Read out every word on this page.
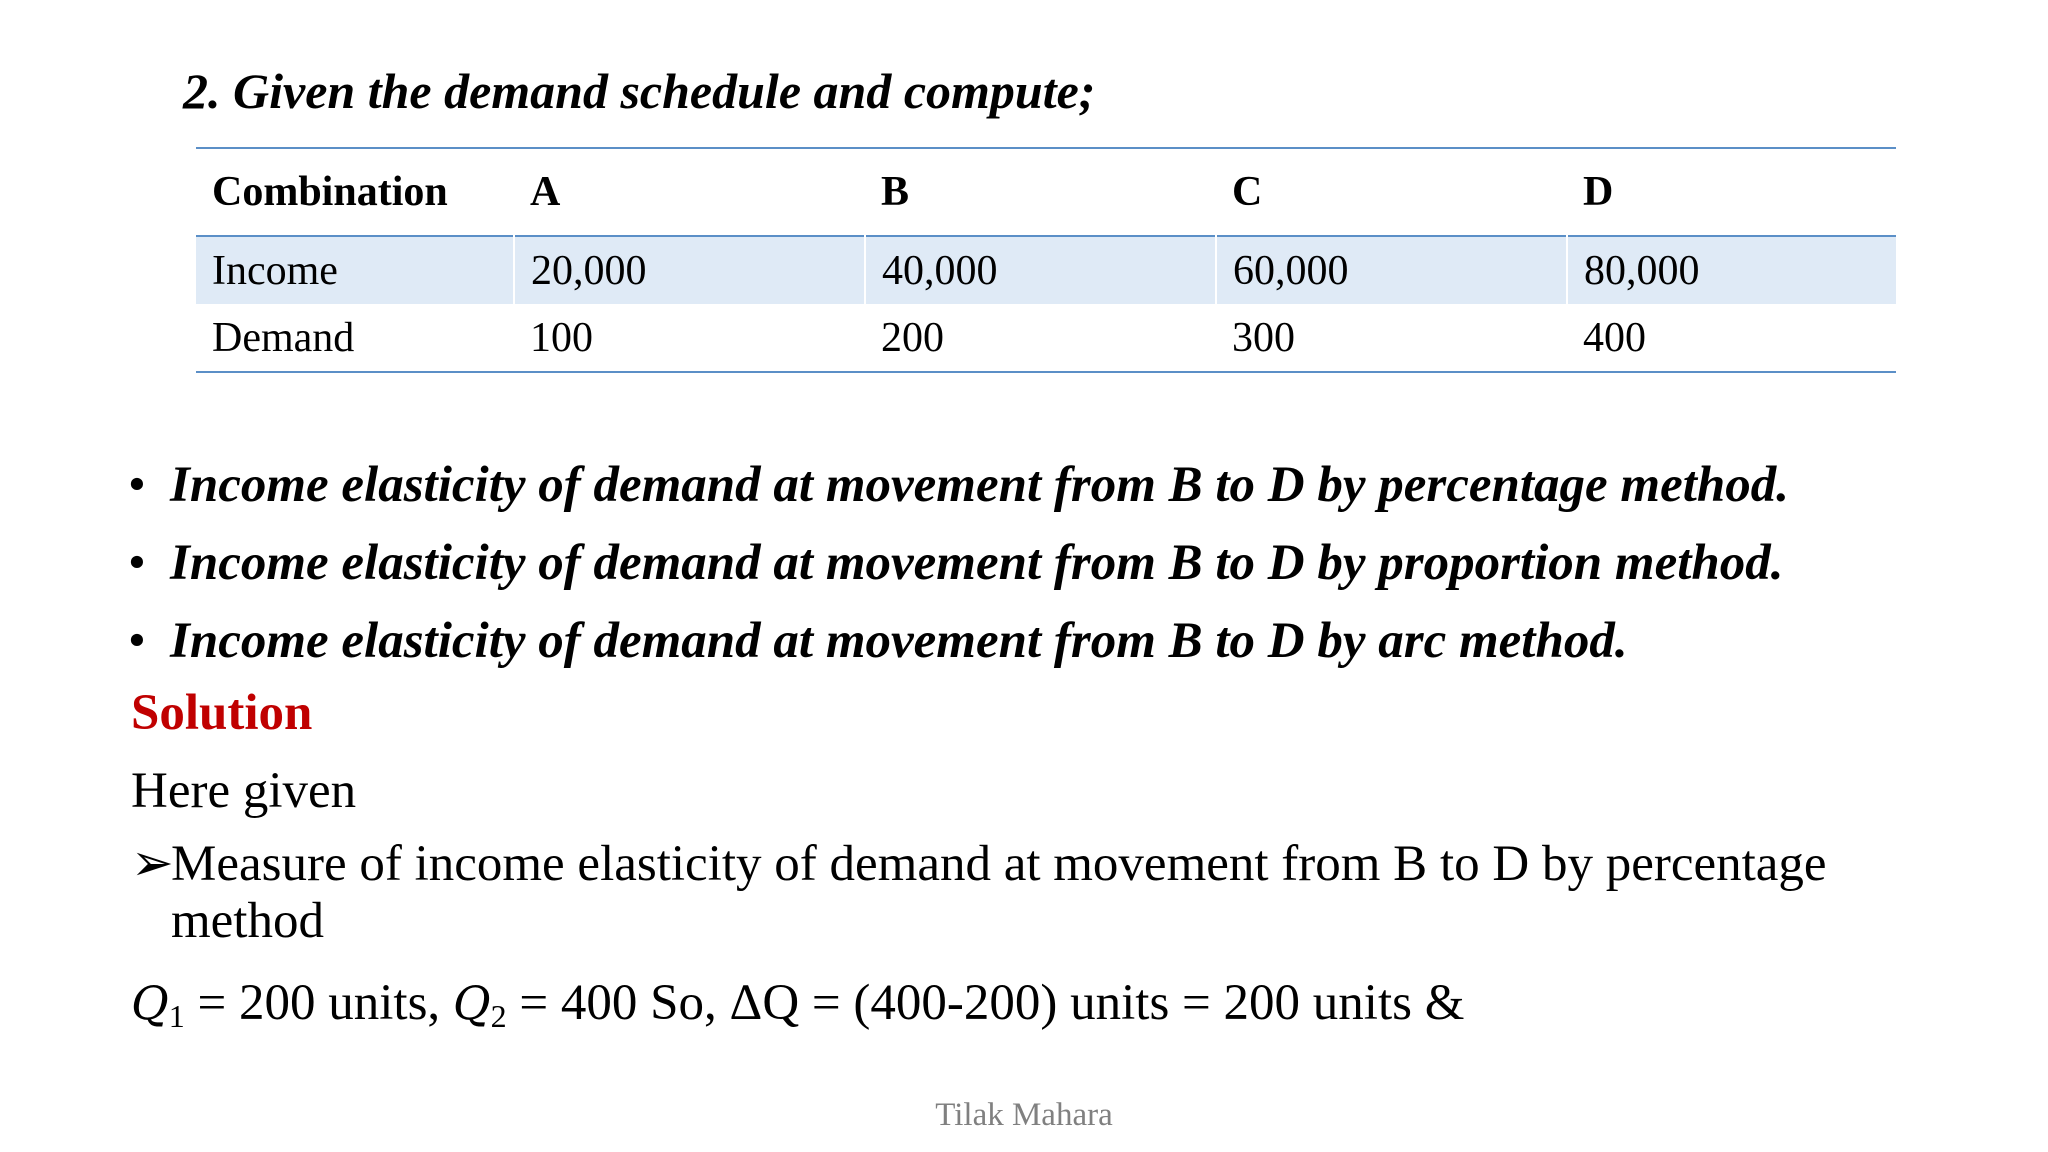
2. Given the demand schedule and compute;
Combination	A	B	C	D
Income	20,000	40,000	60,000	80,000
Demand	100	200	300	400
• Income elasticity of demand at movement from B to D by percentage method.
• Income elasticity of demand at movement from B to D by proportion method.
• Income elasticity of demand at movement from B to D by arc method.
Solution
Here given
➢
Measure of income elasticity of demand at movement from B to D by percentage method
$Q_1 = 200$ units, $Q_2 = 400$ So, ΔQ = (400-200) units = 200 units &
Tilak Mahara
